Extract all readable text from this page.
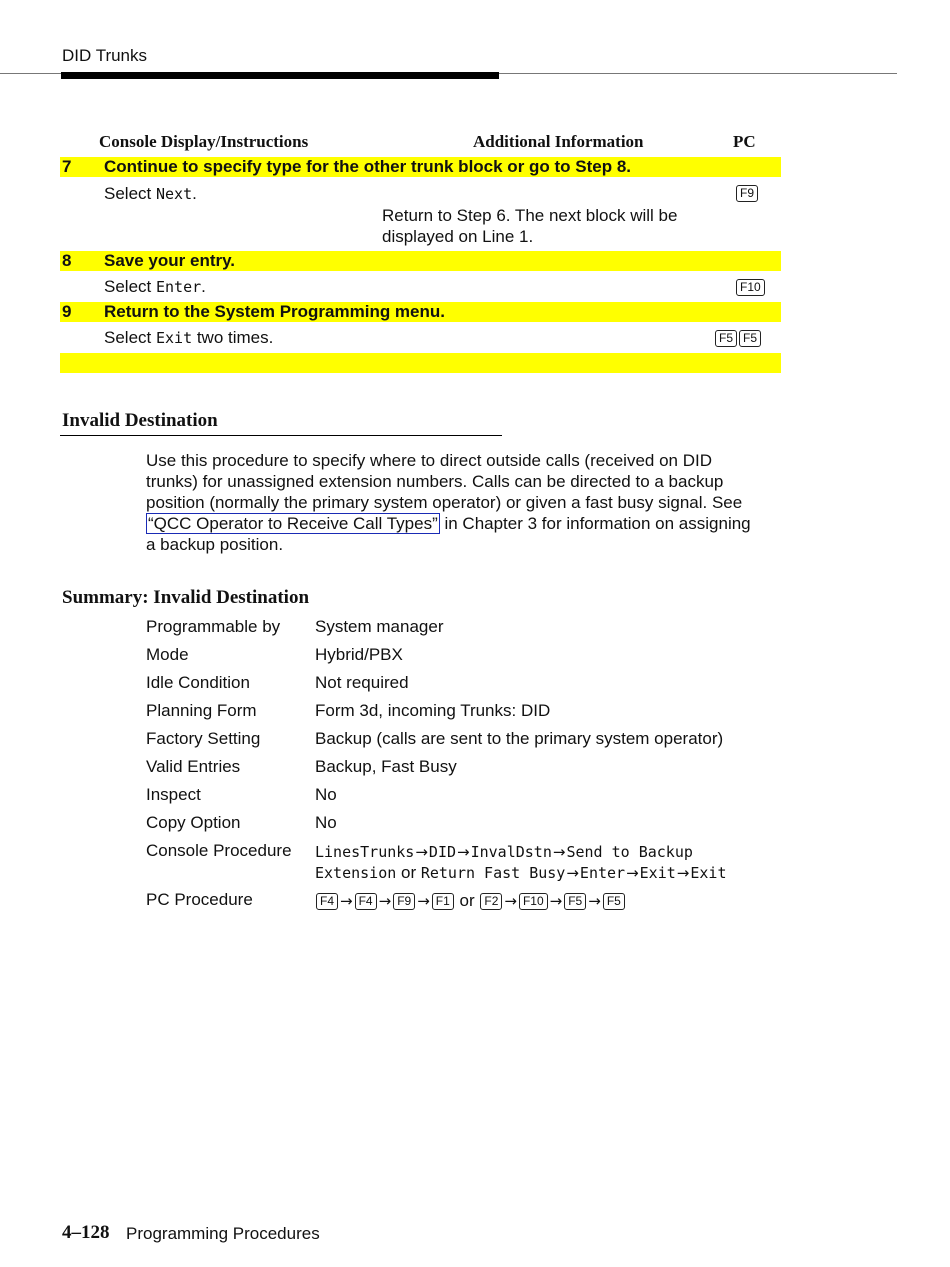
DID Trunks
Console Display/Instructions	Additional Information	PC
7 Continue to specify type for the other trunk block or go to Step 8.
Select Next.	F9
Return to Step 6. The next block will be
displayed on Line 1.
8 Save your entry.
Select Enter.	F10
9 Return to the System Programming menu.
Select Exit two times.	F5 F5
Invalid Destination
Use this procedure to specify where to direct outside calls (received on DID
trunks) for unassigned extension numbers. Calls can be directed to a backup
position (normally the primary system operator) or given a fast busy signal. See
“QCC Operator to Receive Call Types” in Chapter 3 for information on assigning
a backup position.
Summary: Invalid Destination
Programmable by System manager
Mode	Hybrid/PBX
Idle Condition	Not required
Planning Form	Form 3d, incoming Trunks: DID
Factory Setting	Backup (calls are sent to the primary system operator)
Valid Entries	Backup, Fast Busy
Inspect	No
Copy Option	No
Console Procedure LinesTrunks→DID→InvalDstn→Send to Backup
Extension or Return Fast Busy→Enter→Exit→Exit
PC Procedure	F4 → F4 → F9 → F1 or F2 → F10 → F5 → F5
4–128 Programming Procedures
